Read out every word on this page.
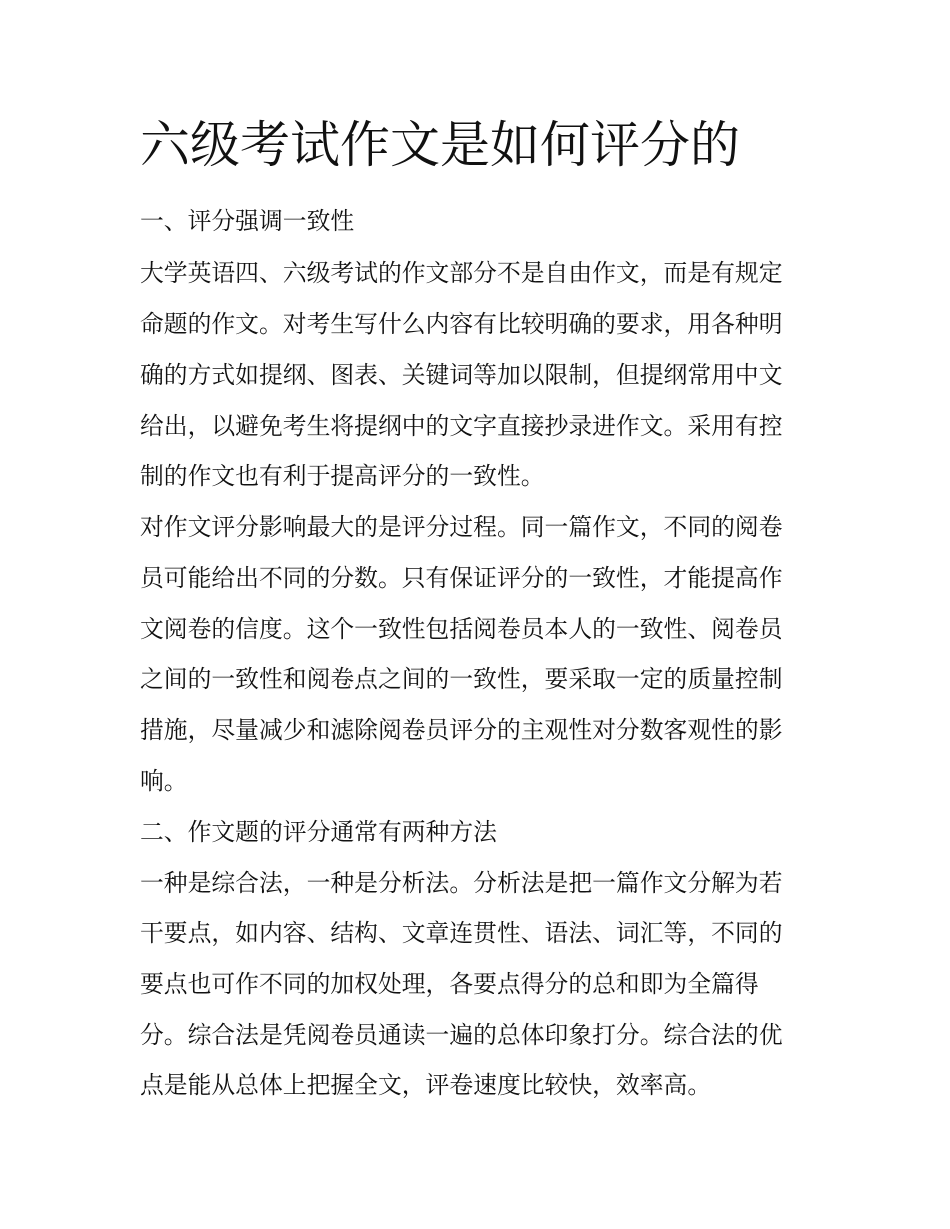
六级考试作文是如何评分的

一、评分强调一致性

大学英语四、六级考试的作文部分不是自由作文，而是有规定

命题的作文。对考生写什么内容有比较明确的要求，用各种明

确的方式如提纲、图表、关键词等加以限制，但提纲常用中文

给出，以避免考生将提纲中的文字直接抄录进作文。采用有控

制的作文也有利于提高评分的一致性。

对作文评分影响最大的是评分过程。同一篇作文，不同的阅卷

员可能给出不同的分数。只有保证评分的一致性，才能提高作

文阅卷的信度。这个一致性包括阅卷员本人的一致性、阅卷员

之间的一致性和阅卷点之间的一致性，要采取一定的质量控制

措施，尽量减少和滤除阅卷员评分的主观性对分数客观性的影

响。

二、作文题的评分通常有两种方法

一种是综合法，一种是分析法。分析法是把一篇作文分解为若

干要点，如内容、结构、文章连贯性、语法、词汇等，不同的

要点也可作不同的加权处理，各要点得分的总和即为全篇得

分。综合法是凭阅卷员通读一遍的总体印象打分。综合法的优

点是能从总体上把握全文，评卷速度比较快，效率高。
